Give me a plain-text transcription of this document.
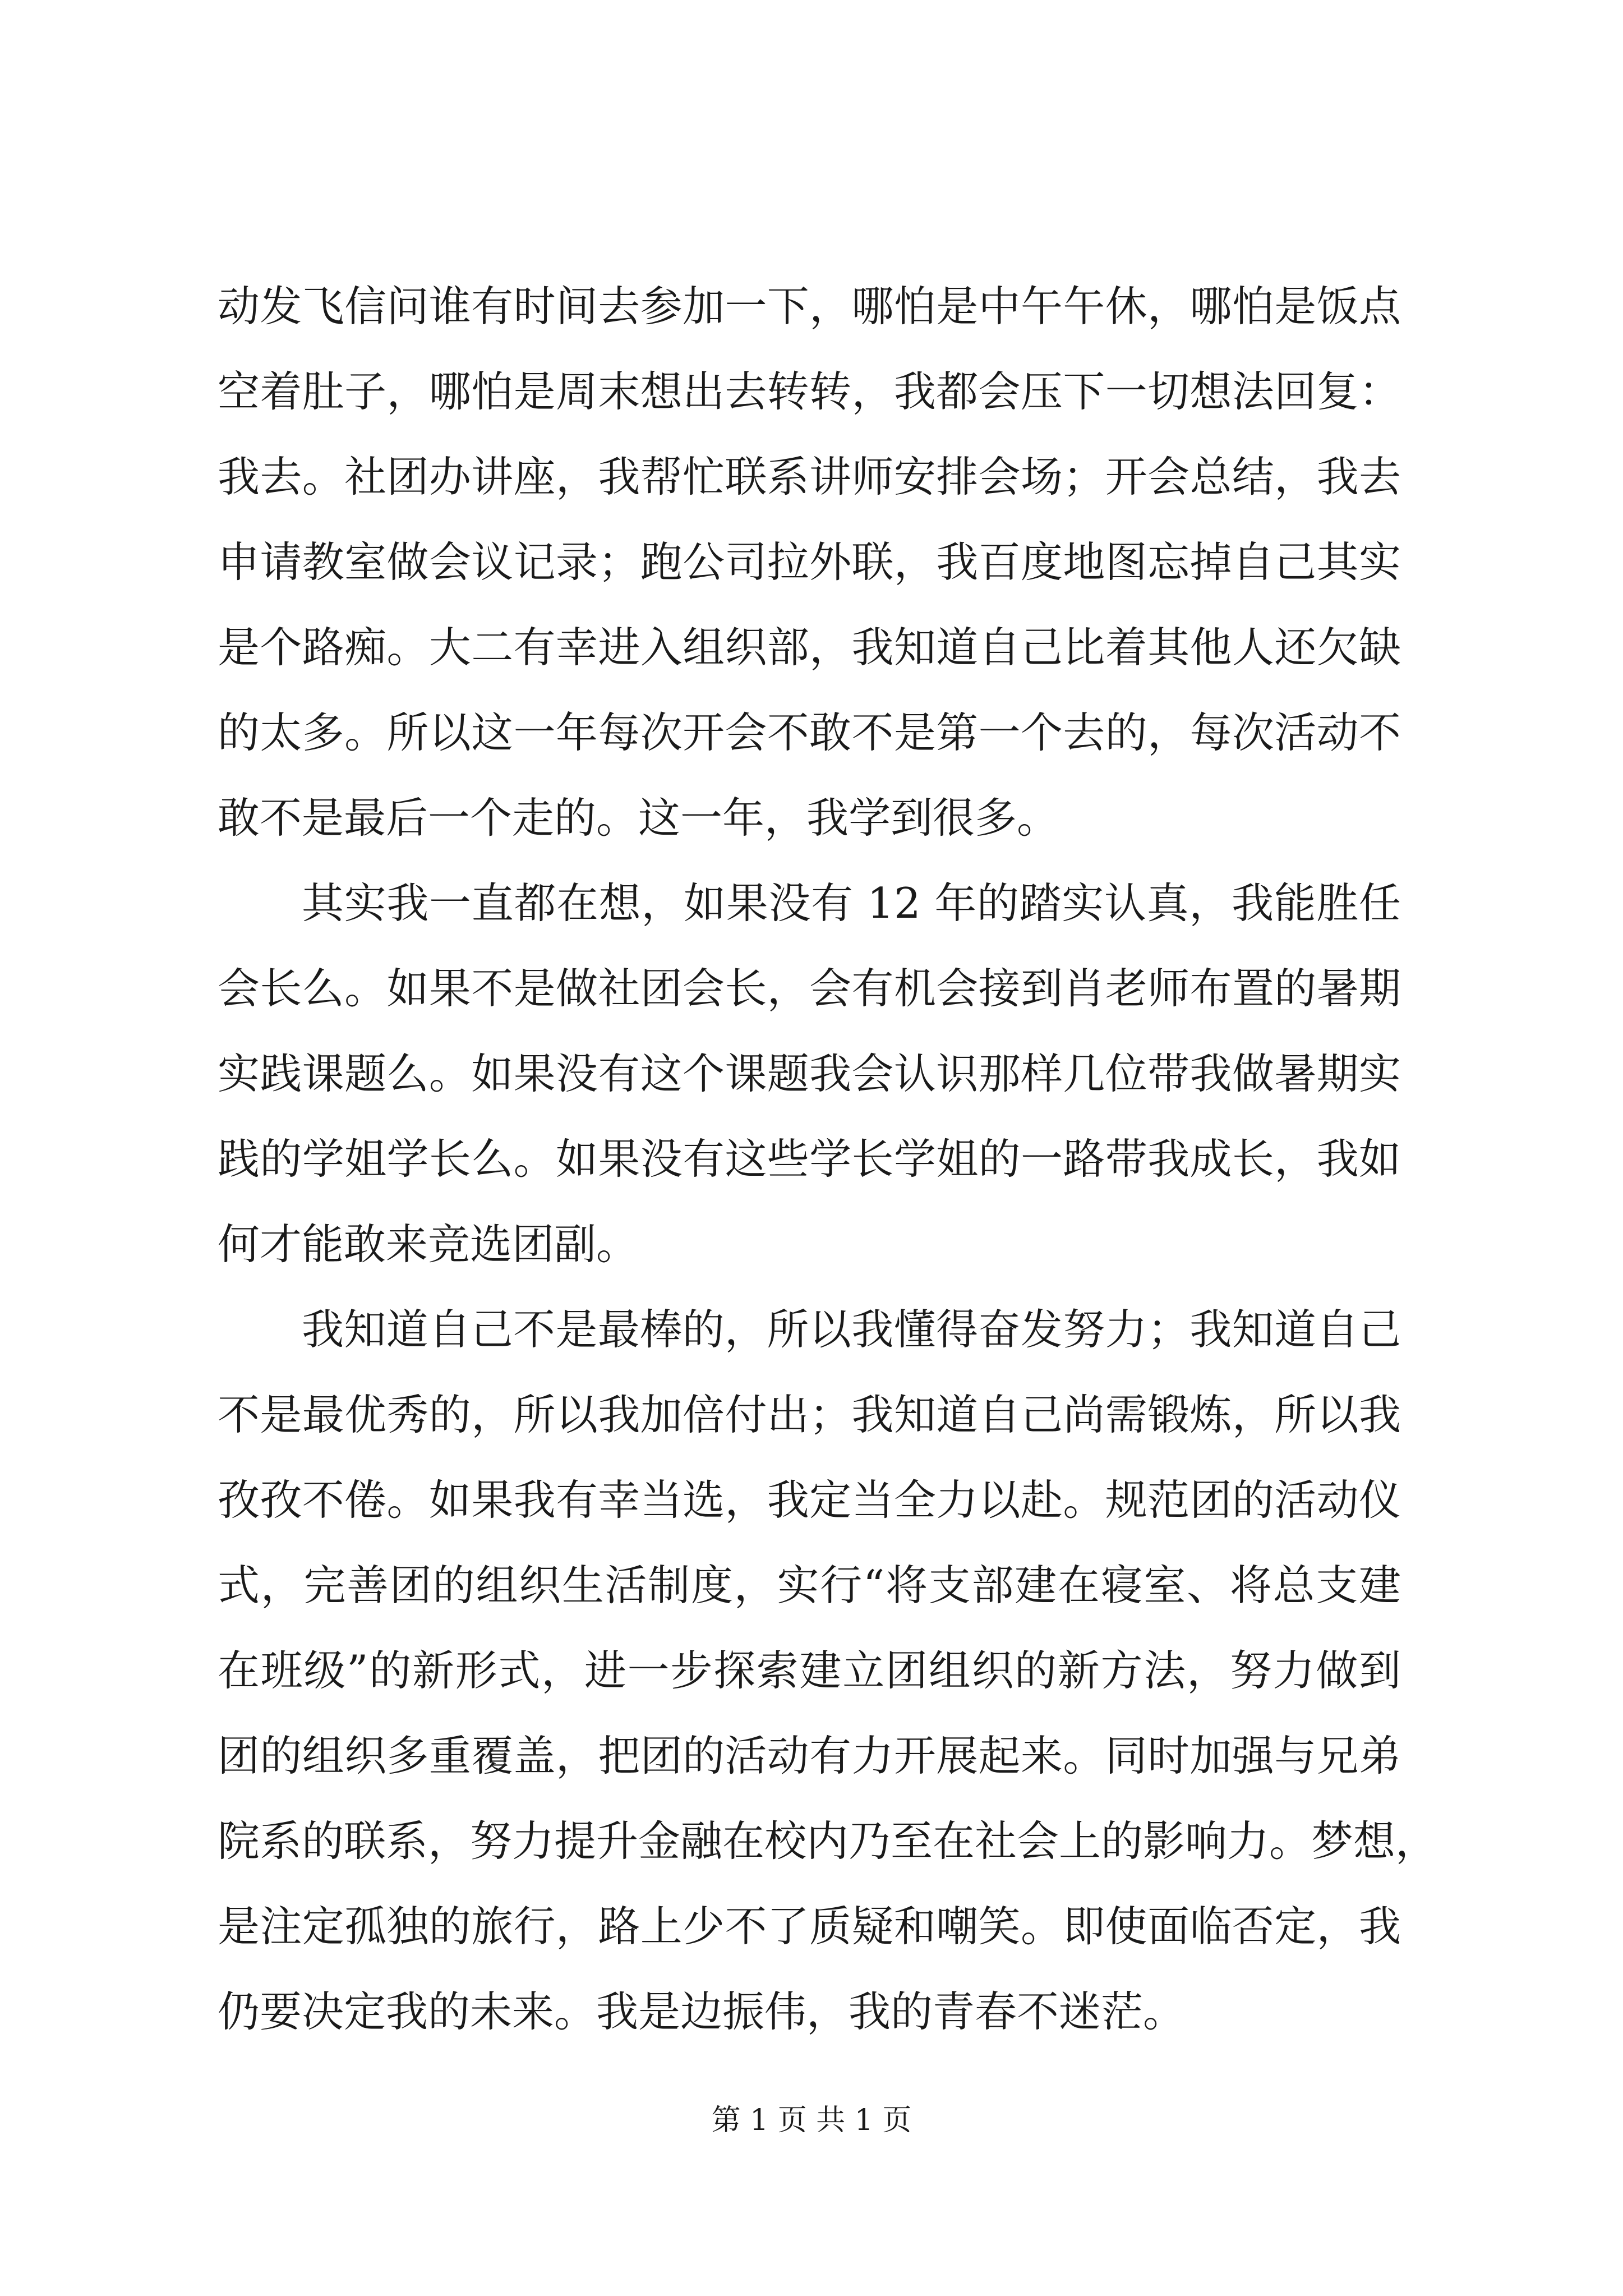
动发飞信问谁有时间去参加一下，哪怕是中午午休，哪怕是饭点
空着肚子，哪怕是周末想出去转转，我都会压下一切想法回复：
我去。社团办讲座，我帮忙联系讲师安排会场；开会总结，我去
申请教室做会议记录；跑公司拉外联，我百度地图忘掉自己其实
是个路痴。大二有幸进入组织部，我知道自己比着其他人还欠缺
的太多。所以这一年每次开会不敢不是第一个去的，每次活动不
敢不是最后一个走的。这一年，我学到很多。
其实我一直都在想，如果没有 12 年的踏实认真，我能胜任
会长么。如果不是做社团会长，会有机会接到肖老师布置的暑期
实践课题么。如果没有这个课题我会认识那样几位带我做暑期实
践的学姐学长么。如果没有这些学长学姐的一路带我成长，我如
何才能敢来竞选团副。
我知道自己不是最棒的，所以我懂得奋发努力；我知道自己
不是最优秀的，所以我加倍付出；我知道自己尚需锻炼，所以我
孜孜不倦。如果我有幸当选，我定当全力以赴。规范团的活动仪
式，完善团的组织生活制度，实行“将支部建在寝室、将总支建
在班级”的新形式，进一步探索建立团组织的新方法，努力做到
团的组织多重覆盖，把团的活动有力开展起来。同时加强与兄弟
院系的联系，努力提升金融在校内乃至在社会上的影响力。梦想，
是注定孤独的旅行，路上少不了质疑和嘲笑。即使面临否定，我
仍要决定我的未来。我是边振伟，我的青春不迷茫。
第 1 页 共 1 页
